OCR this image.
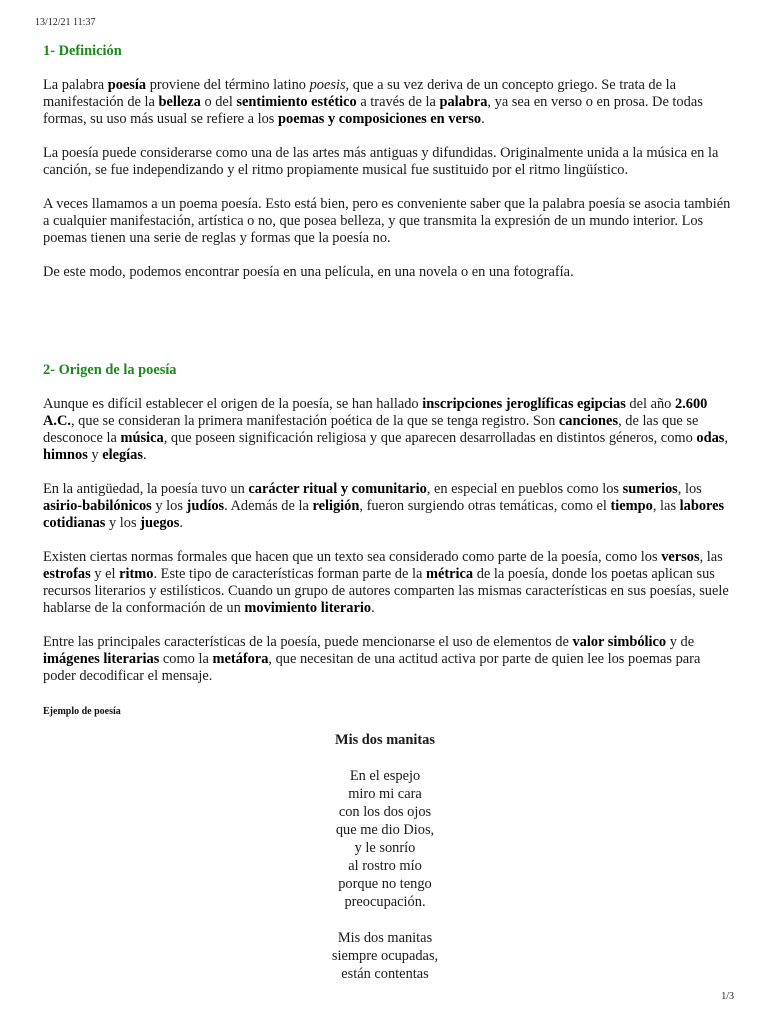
13/12/21 11:37
1- Definición

La palabra poesía proviene del término latino poesis, que a su vez deriva de un concepto griego. Se trata de la manifestación de la belleza o del sentimiento estético a través de la palabra, ya sea en verso o en prosa. De todas formas, su uso más usual se refiere a los poemas y composiciones en verso.

La poesía puede considerarse como una de las artes más antiguas y difundidas. Originalmente unida a la música en la canción, se fue independizando y el ritmo propiamente musical fue sustituido por el ritmo lingüístico.

A veces llamamos a un poema poesía. Esto está bien, pero es conveniente saber que la palabra poesía se asocia también a cualquier manifestación, artística o no, que posea belleza, y que transmita la expresión de un mundo interior. Los poemas tienen una serie de reglas y formas que la poesía no.

De este modo, podemos encontrar poesía en una película, en una novela o en una fotografía.

2- Origen de la poesía

Aunque es difícil establecer el origen de la poesía, se han hallado inscripciones jeroglíficas egipcias del año 2.600 A.C., que se consideran la primera manifestación poética de la que se tenga registro. Son canciones, de las que se desconoce la música, que poseen significación religiosa y que aparecen desarrolladas en distintos géneros, como odas, himnos y elegías.

En la antigüedad, la poesía tuvo un carácter ritual y comunitario, en especial en pueblos como los sumerios, los asirio-babilónicos y los judíos. Además de la religión, fueron surgiendo otras temáticas, como el tiempo, las labores cotidianas y los juegos.

Existen ciertas normas formales que hacen que un texto sea considerado como parte de la poesía, como los versos, las estrofas y el ritmo. Este tipo de características forman parte de la métrica de la poesía, donde los poetas aplican sus recursos literarios y estilísticos. Cuando un grupo de autores comparten las mismas características en sus poesías, suele hablarse de la conformación de un movimiento literario.

Entre las principales características de la poesía, puede mencionarse el uso de elementos de valor simbólico y de imágenes literarias como la metáfora, que necesitan de una actitud activa por parte de quien lee los poemas para poder decodificar el mensaje.

Ejemplo de poesía

Mis dos manitas

En el espejo
miro mi cara
con los dos ojos
que me dio Dios,
y le sonrío
al rostro mío
porque no tengo
preocupación.

Mis dos manitas
siempre ocupadas,
están contentas

1/3
